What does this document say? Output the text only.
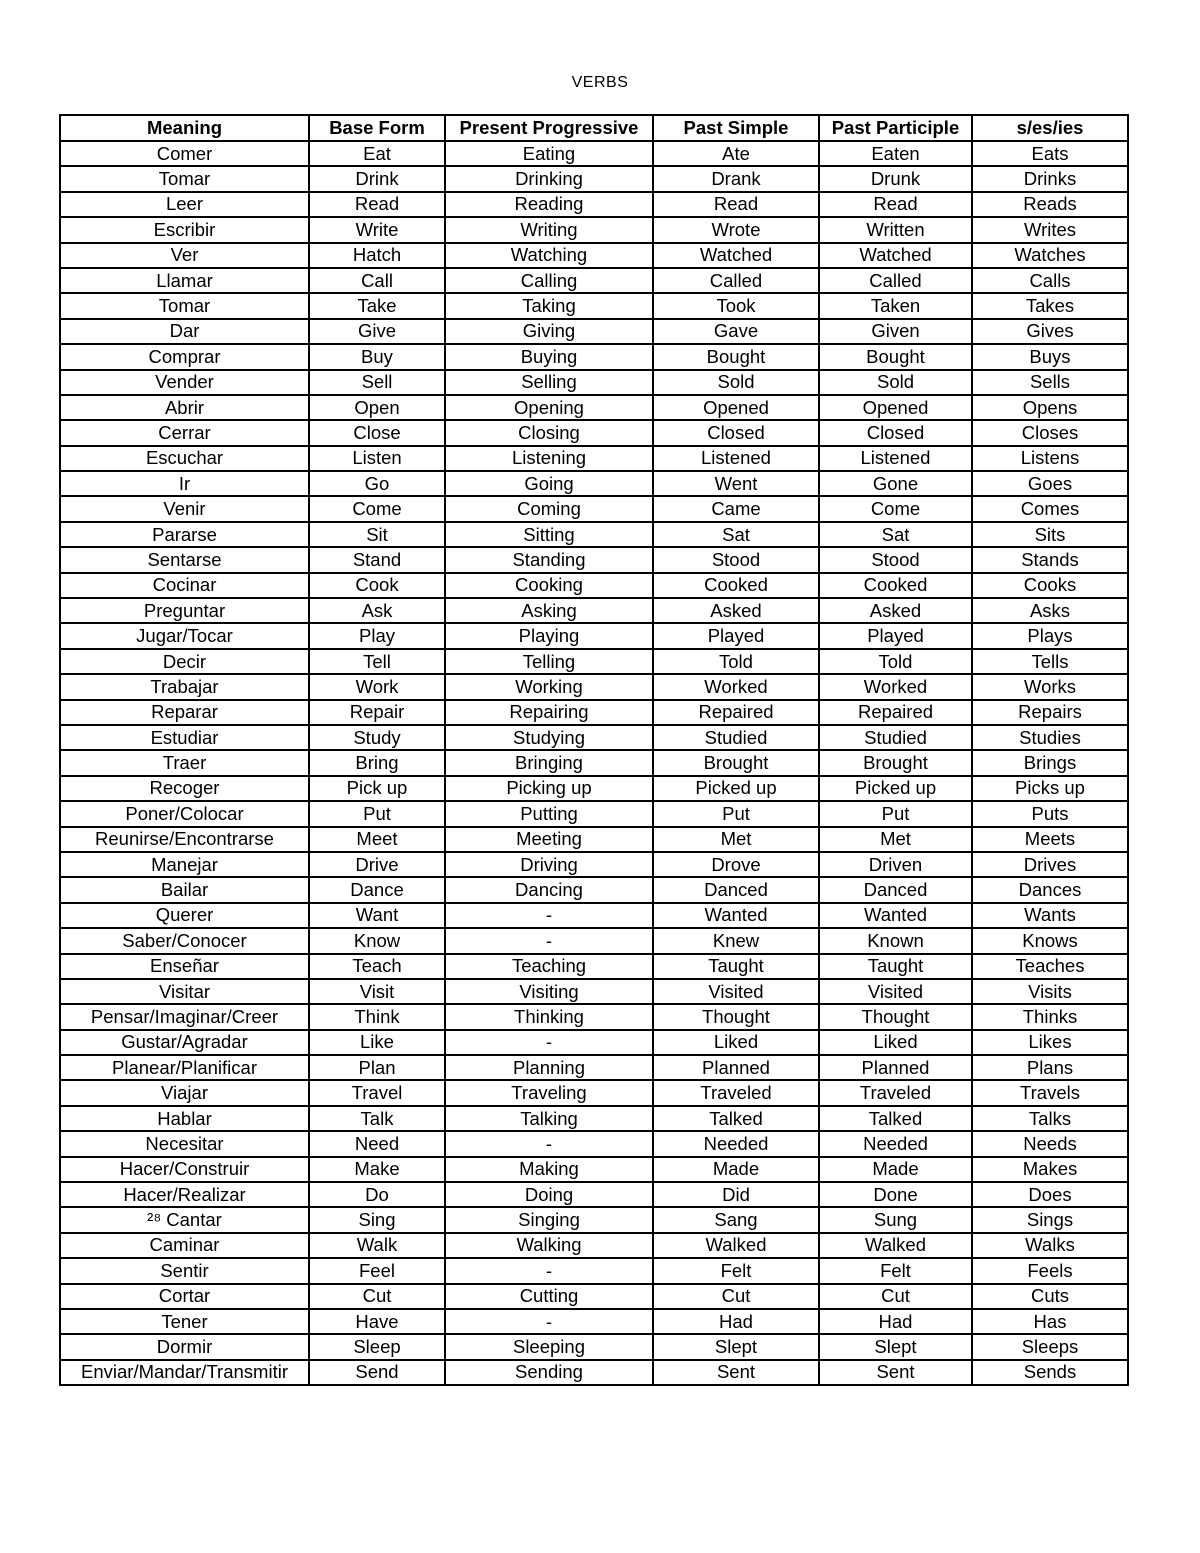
VERBS
Meaning	Base Form	Present Progressive	Past Simple	Past Participle	s/es/ies
Comer	Eat	Eating	Ate	Eaten	Eats
Tomar	Drink	Drinking	Drank	Drunk	Drinks
Leer	Read	Reading	Read	Read	Reads
Escribir	Write	Writing	Wrote	Written	Writes
Ver	Hatch	Watching	Watched	Watched	Watches
Llamar	Call	Calling	Called	Called	Calls
Tomar	Take	Taking	Took	Taken	Takes
Dar	Give	Giving	Gave	Given	Gives
Comprar	Buy	Buying	Bought	Bought	Buys
Vender	Sell	Selling	Sold	Sold	Sells
Abrir	Open	Opening	Opened	Opened	Opens
Cerrar	Close	Closing	Closed	Closed	Closes
Escuchar	Listen	Listening	Listened	Listened	Listens
Ir	Go	Going	Went	Gone	Goes
Venir	Come	Coming	Came	Come	Comes
Pararse	Sit	Sitting	Sat	Sat	Sits
Sentarse	Stand	Standing	Stood	Stood	Stands
Cocinar	Cook	Cooking	Cooked	Cooked	Cooks
Preguntar	Ask	Asking	Asked	Asked	Asks
Jugar/Tocar	Play	Playing	Played	Played	Plays
Decir	Tell	Telling	Told	Told	Tells
Trabajar	Work	Working	Worked	Worked	Works
Reparar	Repair	Repairing	Repaired	Repaired	Repairs
Estudiar	Study	Studying	Studied	Studied	Studies
Traer	Bring	Bringing	Brought	Brought	Brings
Recoger	Pick up	Picking up	Picked up	Picked up	Picks up
Poner/Colocar	Put	Putting	Put	Put	Puts
Reunirse/Encontrarse	Meet	Meeting	Met	Met	Meets
Manejar	Drive	Driving	Drove	Driven	Drives
Bailar	Dance	Dancing	Danced	Danced	Dances
Querer	Want	-	Wanted	Wanted	Wants
Saber/Conocer	Know	-	Knew	Known	Knows
Enseñar	Teach	Teaching	Taught	Taught	Teaches
Visitar	Visit	Visiting	Visited	Visited	Visits
Pensar/Imaginar/Creer	Think	Thinking	Thought	Thought	Thinks
Gustar/Agradar	Like	-	Liked	Liked	Likes
Planear/Planificar	Plan	Planning	Planned	Planned	Plans
Viajar	Travel	Traveling	Traveled	Traveled	Travels
Hablar	Talk	Talking	Talked	Talked	Talks
Necesitar	Need	-	Needed	Needed	Needs
Hacer/Construir	Make	Making	Made	Made	Makes
Hacer/Realizar	Do	Doing	Did	Done	Does
²⁸ Cantar	Sing	Singing	Sang	Sung	Sings
Caminar	Walk	Walking	Walked	Walked	Walks
Sentir	Feel	-	Felt	Felt	Feels
Cortar	Cut	Cutting	Cut	Cut	Cuts
Tener	Have	-	Had	Had	Has
Dormir	Sleep	Sleeping	Slept	Slept	Sleeps
Enviar/Mandar/Transmitir	Send	Sending	Sent	Sent	Sends
